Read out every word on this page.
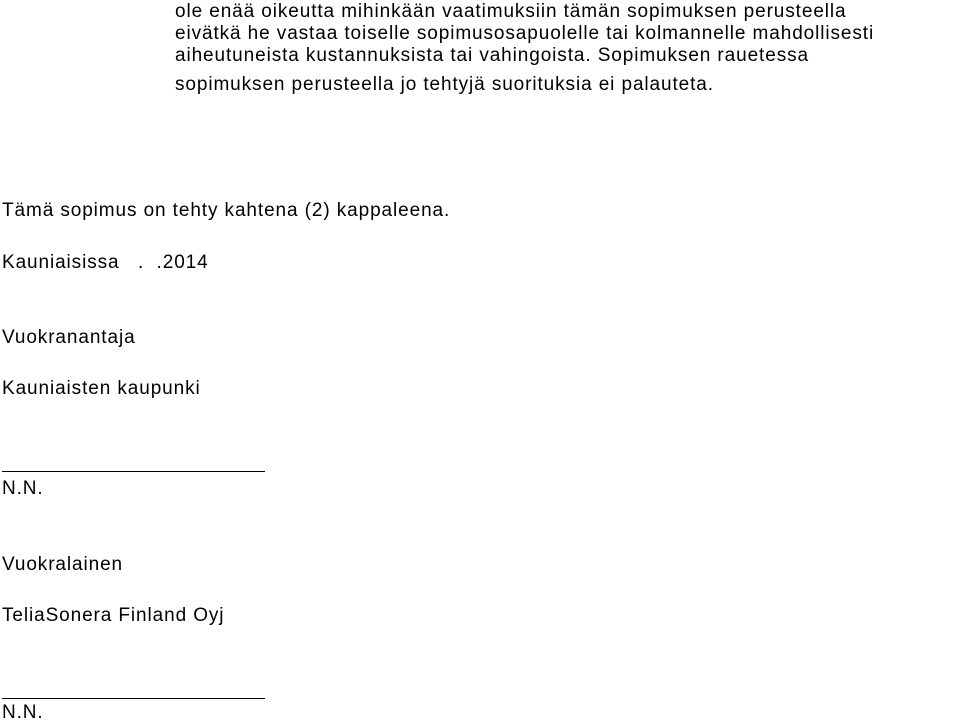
ole enää oikeutta mihinkään vaatimuksiin tämän sopimuksen perusteella
eivätkä he vastaa toiselle sopimusosapuolelle tai kolmannelle mahdollisesti
aiheutuneista kustannuksista tai vahingoista. Sopimuksen rauetessa
sopimuksen perusteella jo tehtyjä suorituksia ei palauteta.
Tämä sopimus on tehty kahtena (2) kappaleena.
Kauniaisissa   .  .2014
Vuokranantaja
Kauniaisten kaupunki
N.N.
Vuokralainen
TeliaSonera Finland Oyj
N.N.
